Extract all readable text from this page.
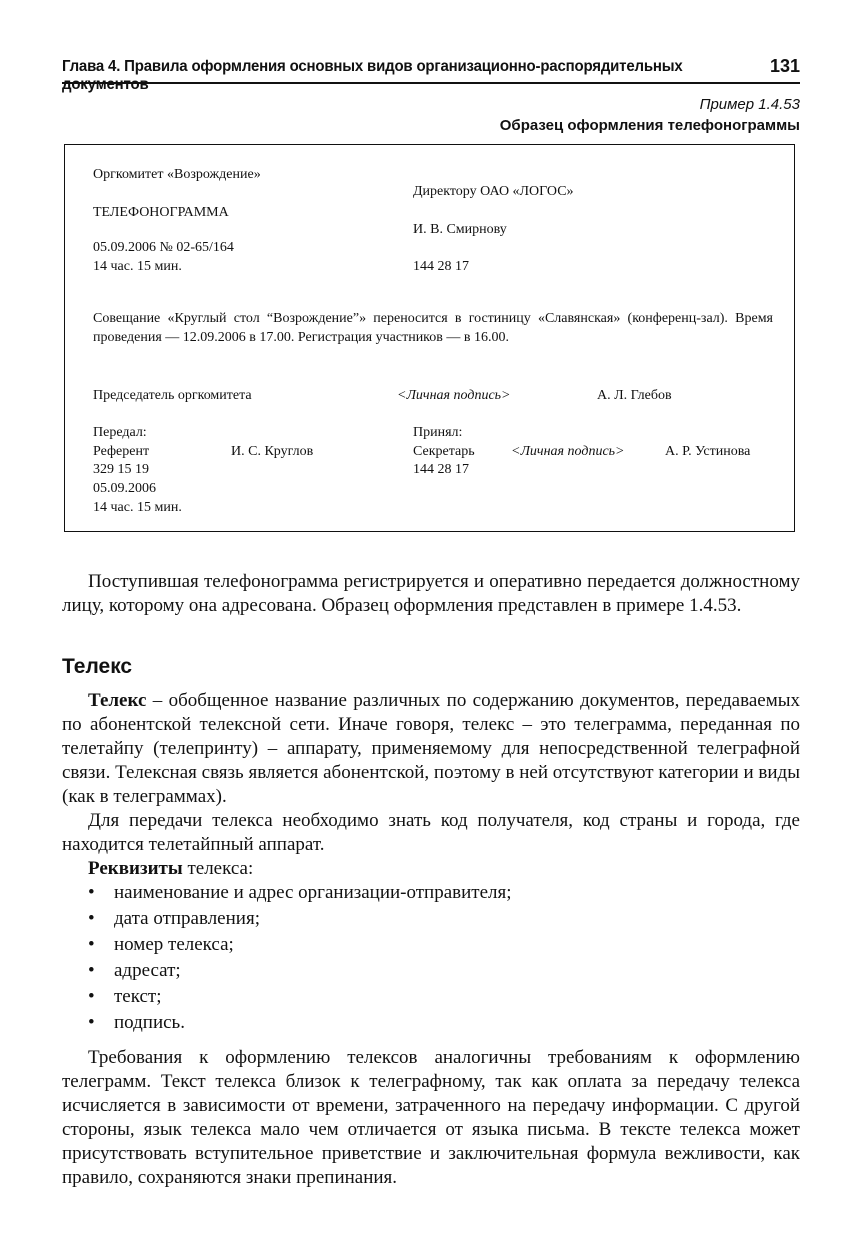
Глава 4. Правила оформления основных видов организационно-распорядительных документов
131
Пример 1.4.53
Образец оформления телефонограммы
Оргкомитет «Возрождение»
ТЕЛЕФОНОГРАММА
05.09.2006 № 02-65/164
14 час. 15 мин.
Директору ОАО «ЛОГОС»
И. В. Смирнову
144 28 17
Совещание «Круглый стол “Возрождение”» переносится в гостиницу «Славянская» (конференц-зал). Время проведения — 12.09.2006 в 17.00. Регистрация участников — в 16.00.
Председатель оргкомитета	<Личная подпись>	А. Л. Глебов
Передал:
Референт	И. С. Круглов
329 15 19
05.09.2006
14 час. 15 мин.
Принял:
Секретарь	<Личная подпись>	А. Р. Устинова
144 28 17
Поступившая телефонограмма регистрируется и оперативно передается должностному лицу, которому она адресована. Образец оформления представлен в примере 1.4.53.
Телекс
Телекс – обобщенное название различных по содержанию документов, передаваемых по абонентской телексной сети. Иначе говоря, телекс – это телеграмма, переданная по телетайпу (телепринту) – аппарату, применяемому для непосредственной телеграфной связи. Телексная связь является абонентской, поэтому в ней отсутствуют категории и виды (как в телеграммах).
Для передачи телекса необходимо знать код получателя, код страны и города, где находится телетайпный аппарат.
Реквизиты телекса:
• наименование и адрес организации-отправителя;
• дата отправления;
• номер телекса;
• адресат;
• текст;
• подпись.
Требования к оформлению телексов аналогичны требованиям к оформлению телеграмм. Текст телекса близок к телеграфному, так как оплата за передачу телекса исчисляется в зависимости от времени, затраченного на передачу информации. С другой стороны, язык телекса мало чем отличается от языка письма. В тексте телекса может присутствовать вступительное приветствие и заключительная формула вежливости, как правило, сохраняются знаки препинания.
